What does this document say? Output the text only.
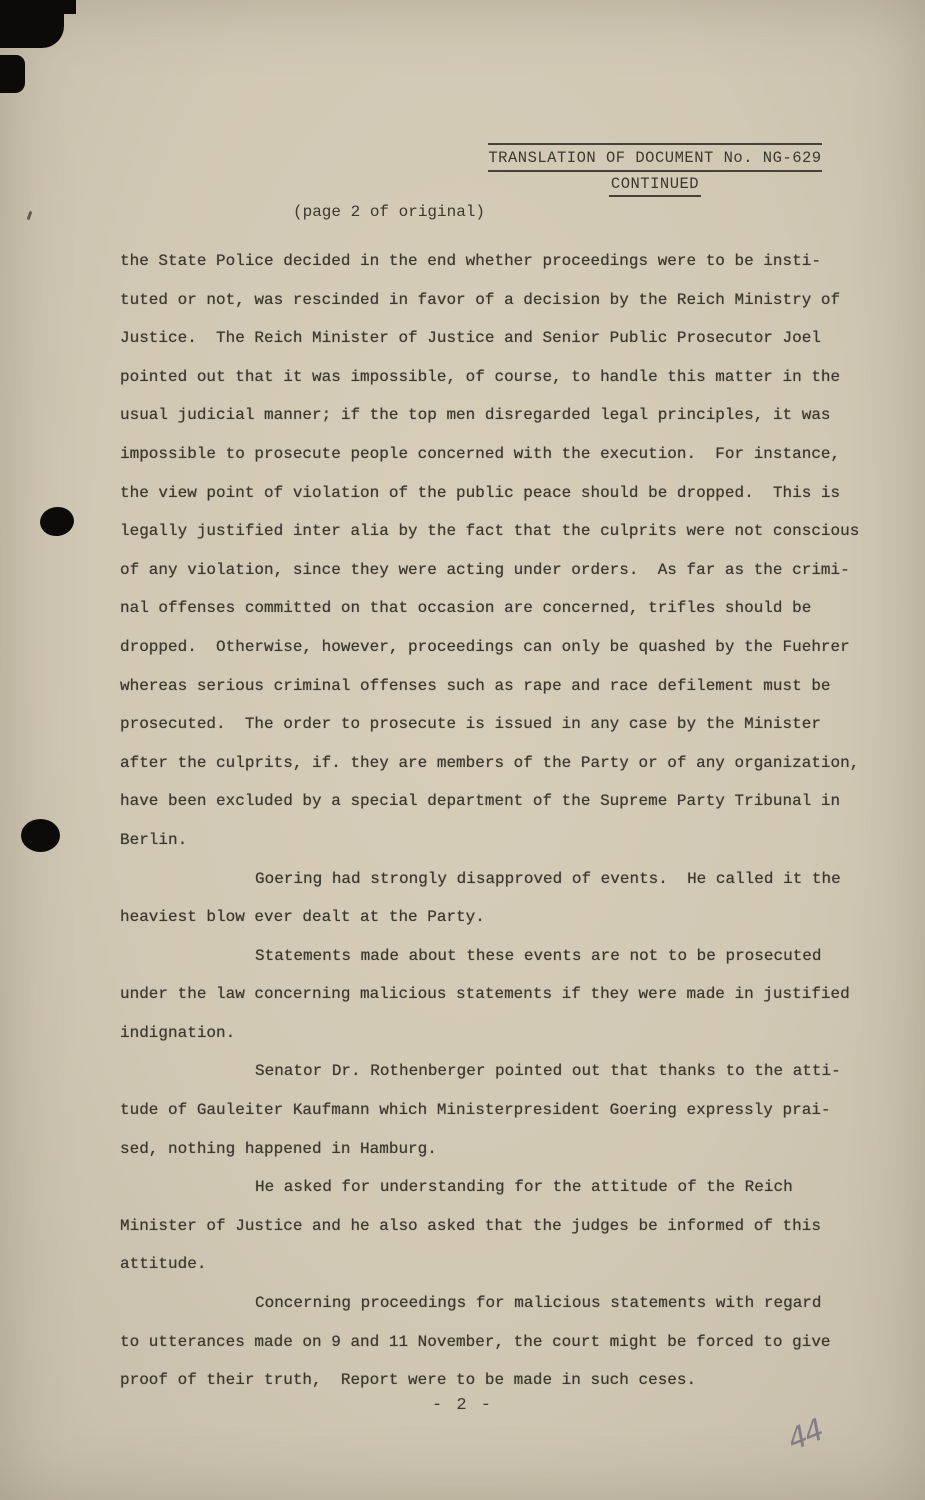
TRANSLATION OF DOCUMENT No. NG-629
CONTINUED
(page 2 of original)
the State Police decided in the end whether proceedings were to be insti-
tuted or not, was rescinded in favor of a decision by the Reich Ministry of
Justice.  The Reich Minister of Justice and Senior Public Prosecutor Joel
pointed out that it was impossible, of course, to handle this matter in the
usual judicial manner; if the top men disregarded legal principles, it was
impossible to prosecute people concerned with the execution.  For instance,
the view point of violation of the public peace should be dropped.  This is
legally justified inter alia by the fact that the culprits were not conscious
of any violation, since they were acting under orders.  As far as the crimi-
nal offenses committed on that occasion are concerned, trifles should be
dropped.  Otherwise, however, proceedings can only be quashed by the Fuehrer
whereas serious criminal offenses such as rape and race defilement must be
prosecuted.  The order to prosecute is issued in any case by the Minister
after the culprits, if. they are members of the Party or of any organization,
have been excluded by a special department of the Supreme Party Tribunal in
Berlin.
Goering had strongly disapproved of events.  He called it the
heaviest blow ever dealt at the Party.
Statements made about these events are not to be prosecuted
under the law concerning malicious statements if they were made in justified
indignation.
Senator Dr. Rothenberger pointed out that thanks to the atti-
tude of Gauleiter Kaufmann which Ministerpresident Goering expressly prai-
sed, nothing happened in Hamburg.
He asked for understanding for the attitude of the Reich
Minister of Justice and he also asked that the judges be informed of this
attitude.
Concerning proceedings for malicious statements with regard
to utterances made on 9 and 11 November, the court might be forced to give
proof of their truth,  Report were to be made in such ceses.
- 2 -
44
